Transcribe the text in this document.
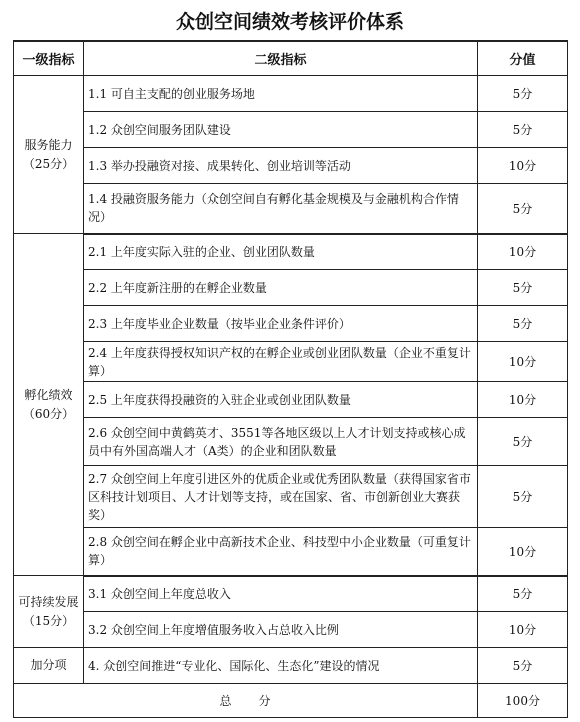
众创空间绩效考核评价体系
一级指标	二级指标	分值

服务能力
（25分）	1.1 可自主支配的创业服务场地	5分
	1.2 众创空间服务团队建设	5分
	1.3 举办投融资对接、成果转化、创业培训等活动	10分
	1.4 投融资服务能力（众创空间自有孵化基金规模及与金融机构合作情况）	5分

孵化绩效
（60分）	2.1 上年度实际入驻的企业、创业团队数量	10分
	2.2 上年度新注册的在孵企业数量	5分
	2.3 上年度毕业企业数量（按毕业企业条件评价）	5分
	2.4 上年度获得授权知识产权的在孵企业或创业团队数量（企业不重复计算）	10分
	2.5 上年度获得投融资的入驻企业或创业团队数量	10分
	2.6 众创空间中黄鹤英才、3551等各地区级以上人才计划支持或核心成员中有外国高端人才（A类）的企业和团队数量	5分
	2.7 众创空间上年度引进区外的优质企业或优秀团队数量（获得国家省市区科技计划项目、人才计划等支持，或在国家、省、市创新创业大赛获奖）	5分
	2.8 众创空间在孵企业中高新技术企业、科技型中小企业数量（可重复计算）	10分

可持续发展
（15分）	3.1 众创空间上年度总收入	5分
	3.2 众创空间上年度增值服务收入占总收入比例	10分

加分项	4. 众创空间推进“专业化、国际化、生态化”建设的情况	5分
总　　分		100分
